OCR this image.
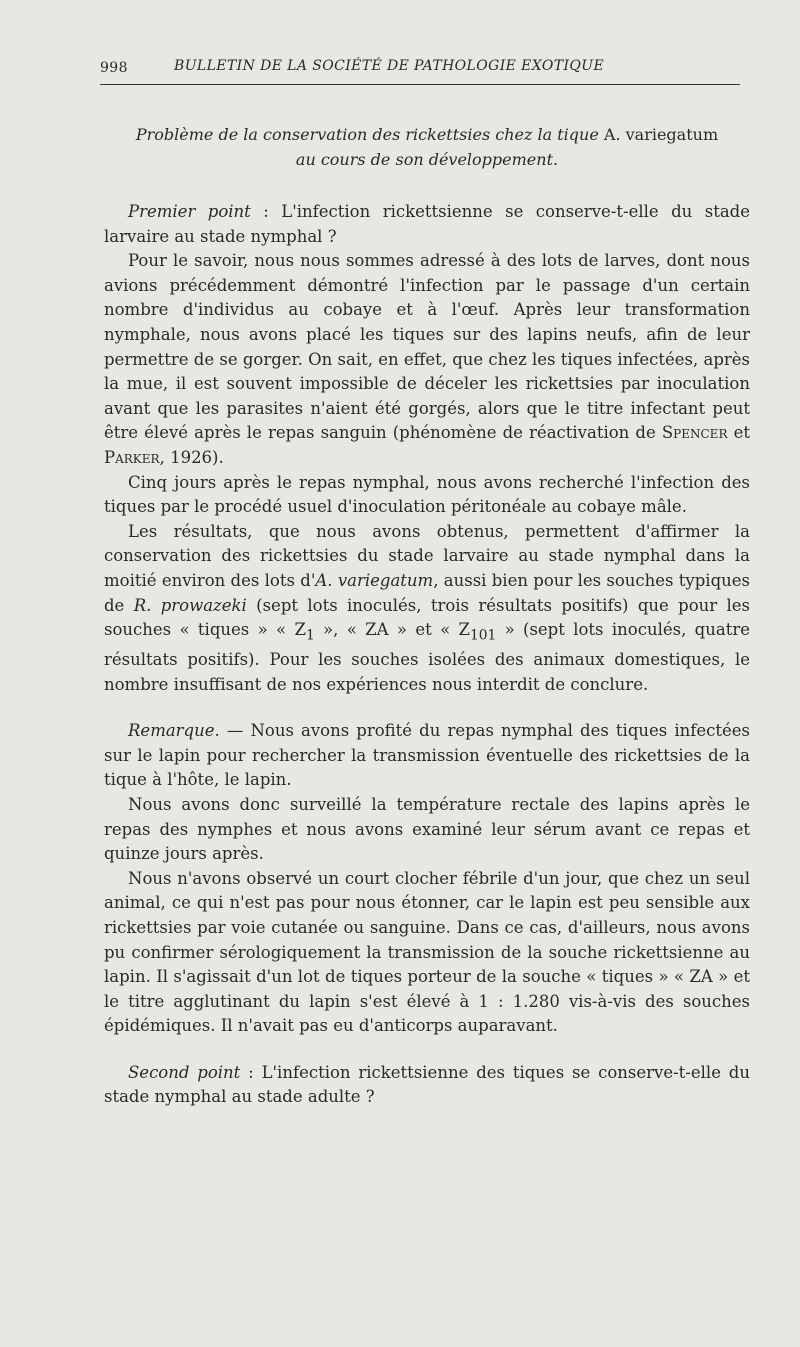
998	BULLETIN DE LA SOCIÉTÉ DE PATHOLOGIE EXOTIQUE
Problème de la conservation des rickettsies chez la tique A. variegatum
au cours de son développement.

Premier point : L'infection rickettsienne se conserve-t-elle du stade larvaire au stade nymphal ?

Pour le savoir, nous nous sommes adressé à des lots de larves, dont nous avions précédemment démontré l'infection par le passage d'un certain nombre d'individus au cobaye et à l'œuf. Après leur transformation nymphale, nous avons placé les tiques sur des lapins neufs, afin de leur permettre de se gorger. On sait, en effet, que chez les tiques infectées, après la mue, il est souvent impossible de déceler les rickettsies par inoculation avant que les parasites n'aient été gorgés, alors que le titre infectant peut être élevé après le repas sanguin (phénomène de réactivation de Spencer et Parker, 1926).

Cinq jours après le repas nymphal, nous avons recherché l'infection des tiques par le procédé usuel d'inoculation péritonéale au cobaye mâle.

Les résultats, que nous avons obtenus, permettent d'affirmer la conservation des rickettsies du stade larvaire au stade nymphal dans la moitié environ des lots d'A. variegatum, aussi bien pour les souches typiques de R. prowazeki (sept lots inoculés, trois résultats positifs) que pour les souches « tiques » « $Z_1$ », « ZA » et « $Z_{101}$ » (sept lots inoculés, quatre résultats positifs). Pour les souches isolées des animaux domestiques, le nombre insuffisant de nos expériences nous interdit de conclure.

Remarque. — Nous avons profité du repas nymphal des tiques infectées sur le lapin pour rechercher la transmission éventuelle des rickettsies de la tique à l'hôte, le lapin.

Nous avons donc surveillé la température rectale des lapins après le repas des nymphes et nous avons examiné leur sérum avant ce repas et quinze jours après.

Nous n'avons observé un court clocher fébrile d'un jour, que chez un seul animal, ce qui n'est pas pour nous étonner, car le lapin est peu sensible aux rickettsies par voie cutanée ou sanguine. Dans ce cas, d'ailleurs, nous avons pu confirmer sérologiquement la transmission de la souche rickettsienne au lapin. Il s'agissait d'un lot de tiques porteur de la souche « tiques » « ZA » et le titre agglutinant du lapin s'est élevé à 1 : 1.280 vis-à-vis des souches épidémiques. Il n'avait pas eu d'anticorps auparavant.

Second point : L'infection rickettsienne des tiques se conserve-t-elle du stade nymphal au stade adulte ?
